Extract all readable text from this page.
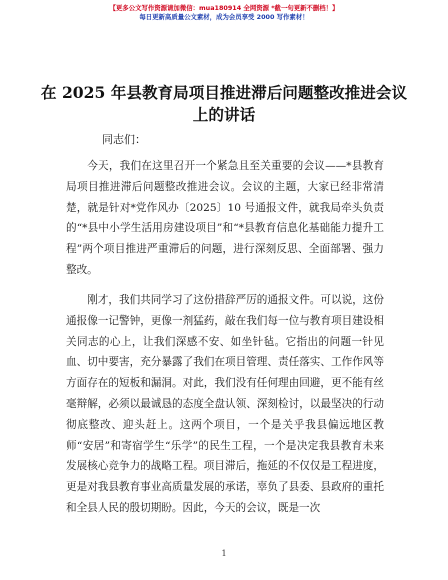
【更多公文写作资源请加微信：mua180914 全网资源 *截一句更新不删档！】
每日更新高质量公文素材，成为会员享受 2000 写作素材！
在 2025 年县教育局项目推进滞后问题整改推进会议上的讲话
同志们：

今天，我们在这里召开一个紧急且至关重要的会议——*县教育局项目推进滞后问题整改推进会议。会议的主题，大家已经非常清楚，就是针对*党作风办〔2025〕10 号通报文件，就我局牵头负责的“*县中小学生活用房建设项目”和“*县教育信息化基础能力提升工程”两个项目推进严重滞后的问题，进行深刻反思、全面部署、强力整改。

刚才，我们共同学习了这份措辞严厉的通报文件。可以说，这份通报像一记警钟，更像一剂猛药，敲在我们每一位与教育项目建设相关同志的心上，让我们深感不安、如坐针毡。它指出的问题一针见血、切中要害，充分暴露了我们在项目管理、责任落实、工作作风等方面存在的短板和漏洞。对此，我们没有任何理由回避，更不能有丝毫辩解，必须以最诚恳的态度全盘认领、深刻检讨，以最坚决的行动彻底整改、迎头赶上。这两个项目，一个是关乎我县偏远地区教师“安居”和寄宿学生“乐学”的民生工程，一个是决定我县教育未来发展核心竞争力的战略工程。项目滞后，拖延的不仅仅是工程进度，更是对我县教育事业高质量发展的承诺，辜负了县委、县政府的重托和全县人民的殷切期盼。因此，今天的会议，既是一次

1
